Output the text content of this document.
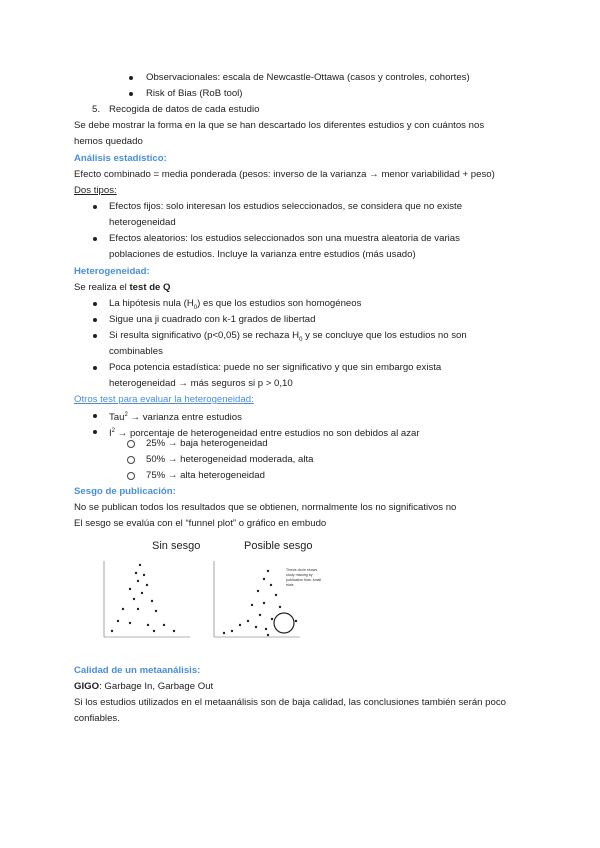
Observacionales: escala de Newcastle-Ottawa (casos y controles, cohortes)
Risk of Bias (RoB tool)
5. Recogida de datos de cada estudio
Se debe mostrar la forma en la que se han descartado los diferentes estudios y con cuántos nos
hemos quedado
Análisis estadístico:
Efecto combinado = media ponderada (pesos: inverso de la varianza → menor variabilidad + peso)
Dos tipos:
Efectos fijos: solo interesan los estudios seleccionados, se considera que no existe
heterogeneidad
Efectos aleatorios: los estudios seleccionados son una muestra aleatoria de varias
poblaciones de estudios. Incluye la varianza entre estudios (más usado)
Heterogeneidad:
Se realiza el test de Q
La hipótesis nula $(H_0)$ es que los estudios son homogéneos
Sigue una ji cuadrado con k-1 grados de libertad
Si resulta significativo (p<0,05) se rechaza $H_0$ y se concluye que los estudios no son
combinables
Poca potencia estadística: puede no ser significativo y que sin embargo exista
heterogeneidad → más seguros si p > 0,10
Otros test para evaluar la heterogeneidad:
Tau$^2$ → varianza entre estudios
$I^2$ → porcentaje de heterogeneidad entre estudios no son debidos al azar
25% → baja heterogeneidad
50% → heterogeneidad moderada, alta
75% → alta heterogeneidad
Sesgo de publicación:
No se publican todos los resultados que se obtienen, normalmente los no significativos no
El sesgo se evalúa con el “funnel plot” o gráfico en embudo
Sin sesgo	Posible sesgo
Thesis circle shows
study missing by
publication bias: small
trials
Calidad de un metaanálisis:
GIGO: Garbage In, Garbage Out
Si los estudios utilizados en el metaanálisis son de baja calidad, las conclusiones también serán poco
confiables.
